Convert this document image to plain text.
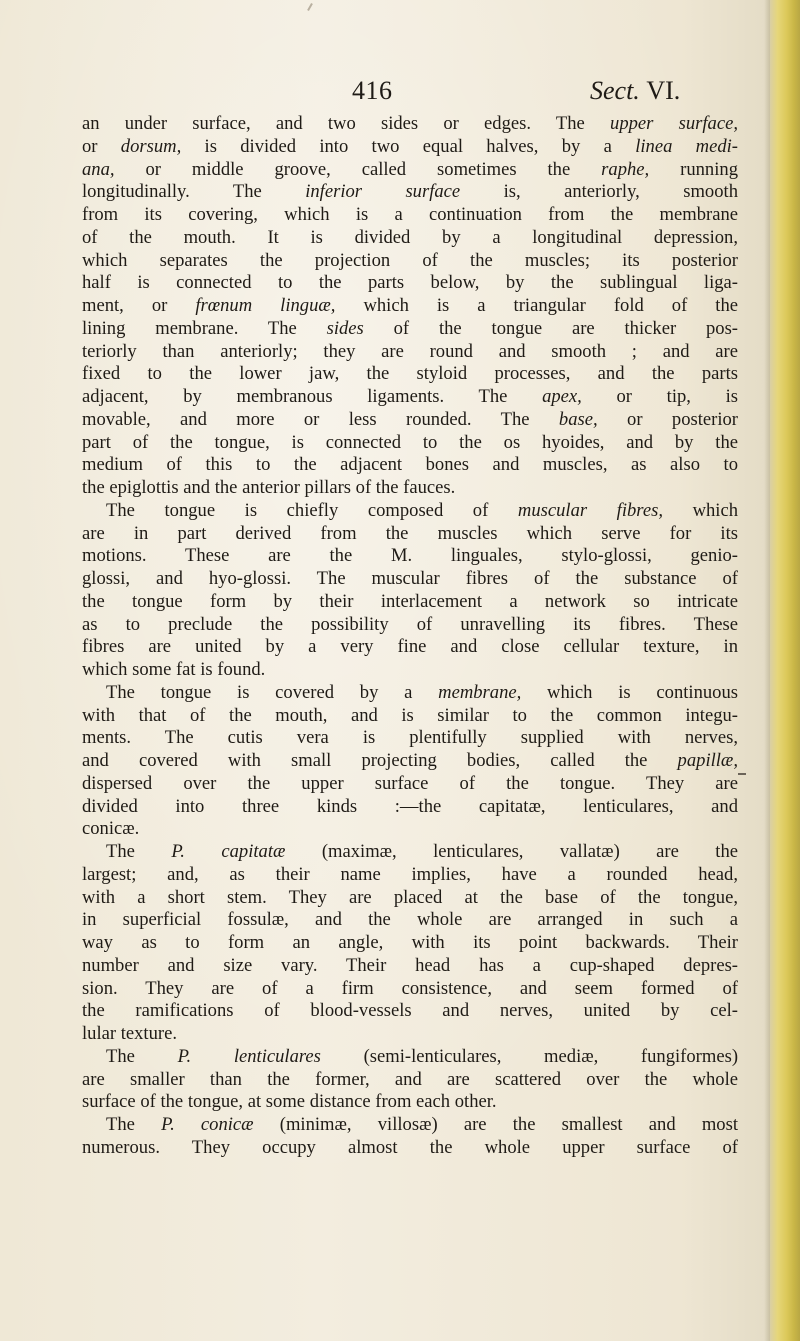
416	Sect. VI.
an under surface, and two sides or edges. The upper surface,
or dorsum, is divided into two equal halves, by a linea medi-
ana, or middle groove, called sometimes the raphe, running
longitudinally. The inferior surface is, anteriorly, smooth
from its covering, which is a continuation from the membrane
of the mouth. It is divided by a longitudinal depression,
which separates the projection of the muscles; its posterior
half is connected to the parts below, by the sublingual liga-
ment, or frœnum linguæ, which is a triangular fold of the
lining membrane. The sides of the tongue are thicker pos-
teriorly than anteriorly; they are round and smooth ; and are
fixed to the lower jaw, the styloid processes, and the parts
adjacent, by membranous ligaments. The apex, or tip, is
movable, and more or less rounded. The base, or posterior
part of the tongue, is connected to the os hyoides, and by the
medium of this to the adjacent bones and muscles, as also to
the epiglottis and the anterior pillars of the fauces.
The tongue is chiefly composed of muscular fibres, which
are in part derived from the muscles which serve for its
motions. These are the M. linguales, stylo-glossi, genio-
glossi, and hyo-glossi. The muscular fibres of the substance of
the tongue form by their interlacement a network so intricate
as to preclude the possibility of unravelling its fibres. These
fibres are united by a very fine and close cellular texture, in
which some fat is found.
The tongue is covered by a membrane, which is continuous
with that of the mouth, and is similar to the common integu-
ments. The cutis vera is plentifully supplied with nerves,
and covered with small projecting bodies, called the papillæ,
dispersed over the upper surface of the tongue. They are
divided into three kinds :—the capitatæ, lenticulares, and
conicæ.
The P. capitatæ (maximæ, lenticulares, vallatæ) are the
largest; and, as their name implies, have a rounded head,
with a short stem. They are placed at the base of the tongue,
in superficial fossulæ, and the whole are arranged in such a
way as to form an angle, with its point backwards. Their
number and size vary. Their head has a cup-shaped depres-
sion. They are of a firm consistence, and seem formed of
the ramifications of blood-vessels and nerves, united by cel-
lular texture.
The P. lenticulares (semi-lenticulares, mediæ, fungiformes)
are smaller than the former, and are scattered over the whole
surface of the tongue, at some distance from each other.
The P. conicæ (minimæ, villosæ) are the smallest and most
numerous. They occupy almost the whole upper surface of
